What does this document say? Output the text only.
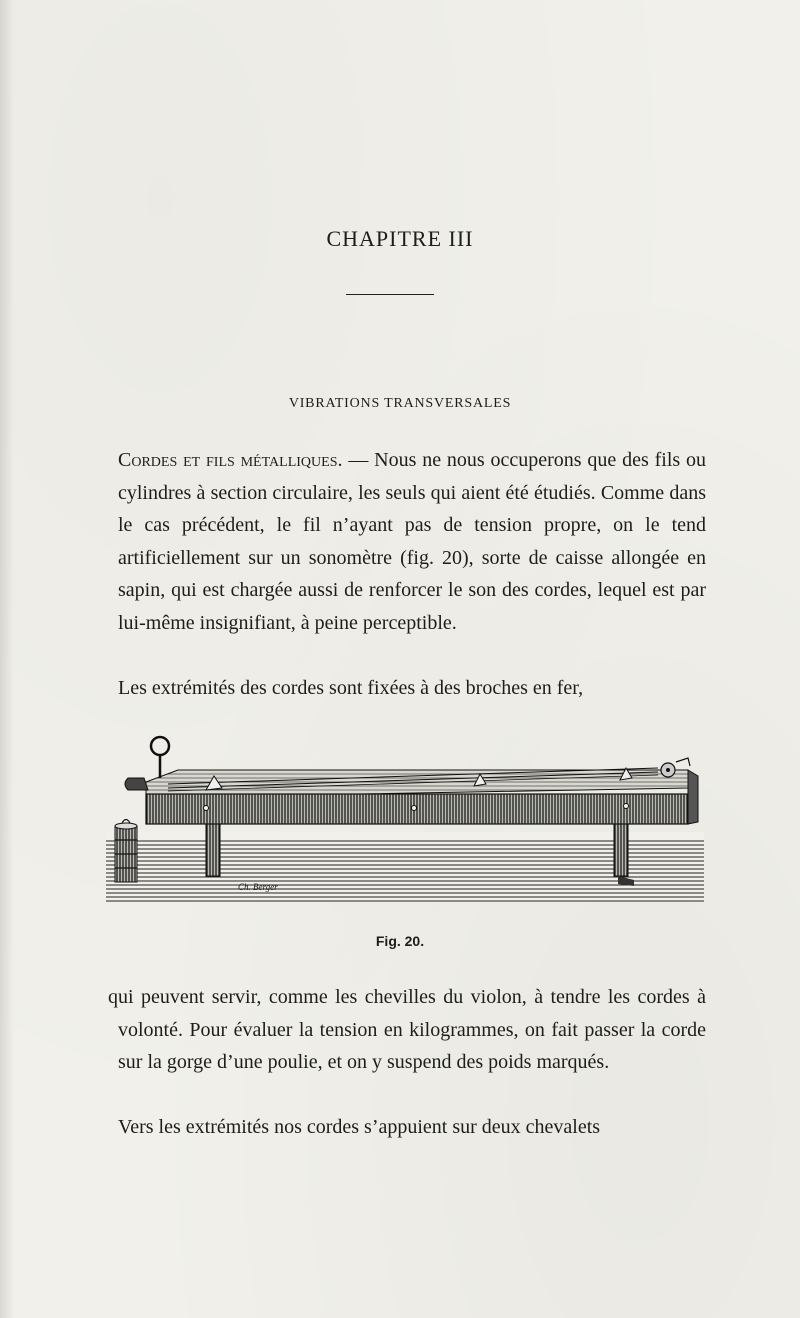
CHAPITRE III
VIBRATIONS TRANSVERSALES

Cordes et fils métalliques. — Nous ne nous occuperons que des fils ou cylindres à section circulaire, les seuls qui aient été étudiés. Comme dans le cas précédent, le fil n’ayant pas de tension propre, on le tend artificiellement sur un sonomètre (fig. 20), sorte de caisse allongée en sapin, qui est chargée aussi de renforcer le son des cordes, lequel est par lui-même insignifiant, à peine perceptible.

Les extrémités des cordes sont fixées à des broches en fer,

Ch. Berger
Fig. 20.

qui peuvent servir, comme les chevilles du violon, à tendre les cordes à volonté. Pour évaluer la tension en kilogrammes, on fait passer la corde sur la gorge d’une poulie, et on y suspend des poids marqués.

Vers les extrémités nos cordes s’appuient sur deux chevalets
